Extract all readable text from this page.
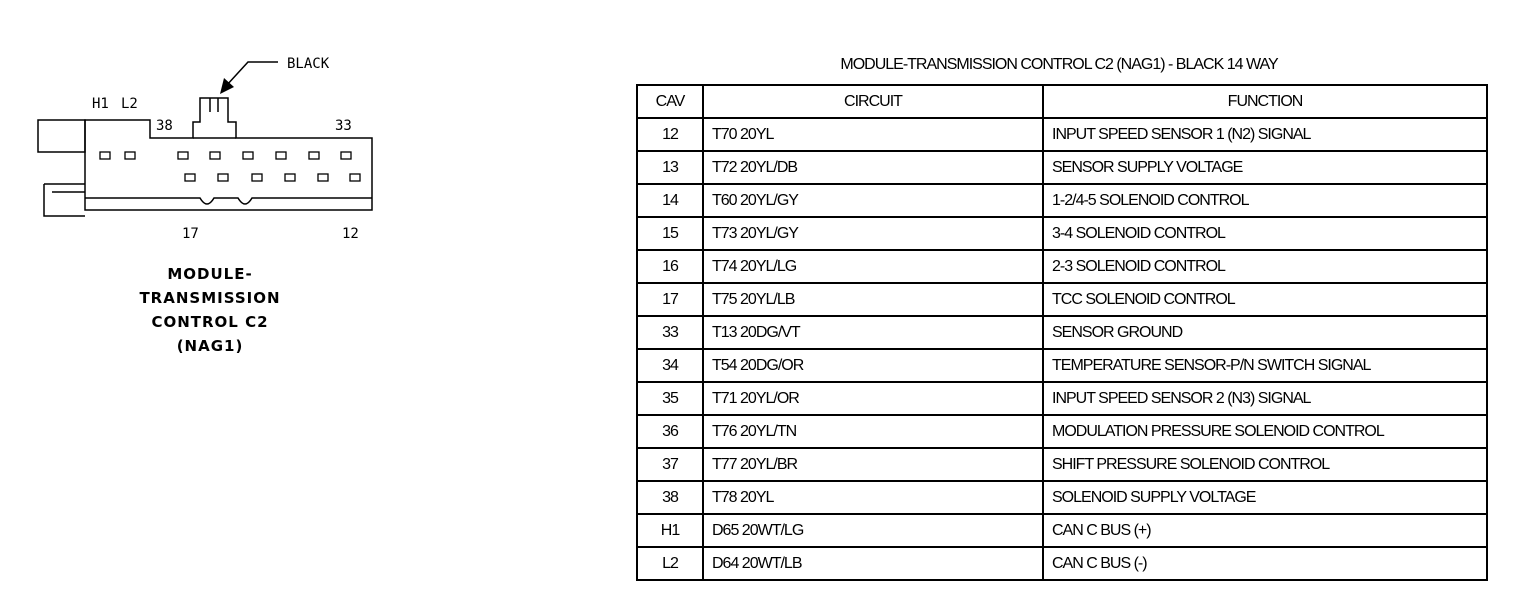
BLACK
H1 L2
38	33
17	12
MODULE-
TRANSMISSION
CONTROL C2
(NAG1)
MODULE-TRANSMISSION CONTROL C2 (NAG1) - BLACK 14 WAY
CAV	CIRCUIT	FUNCTION
12	T70 20YL	INPUT SPEED SENSOR 1 (N2) SIGNAL
13	T72 20YL/DB	SENSOR SUPPLY VOLTAGE
14	T60 20YL/GY	1-2/4-5 SOLENOID CONTROL
15	T73 20YL/GY	3-4 SOLENOID CONTROL
16	T74 20YL/LG	2-3 SOLENOID CONTROL
17	T75 20YL/LB	TCC SOLENOID CONTROL
33	T13 20DG/VT	SENSOR GROUND
34	T54 20DG/OR	TEMPERATURE SENSOR-P/N SWITCH SIGNAL
35	T71 20YL/OR	INPUT SPEED SENSOR 2 (N3) SIGNAL
36	T76 20YL/TN	MODULATION PRESSURE SOLENOID CONTROL
37	T77 20YL/BR	SHIFT PRESSURE SOLENOID CONTROL
38	T78 20YL	SOLENOID SUPPLY VOLTAGE
H1	D65 20WT/LG	CAN C BUS (+)
L2	D64 20WT/LB	CAN C BUS (-)
